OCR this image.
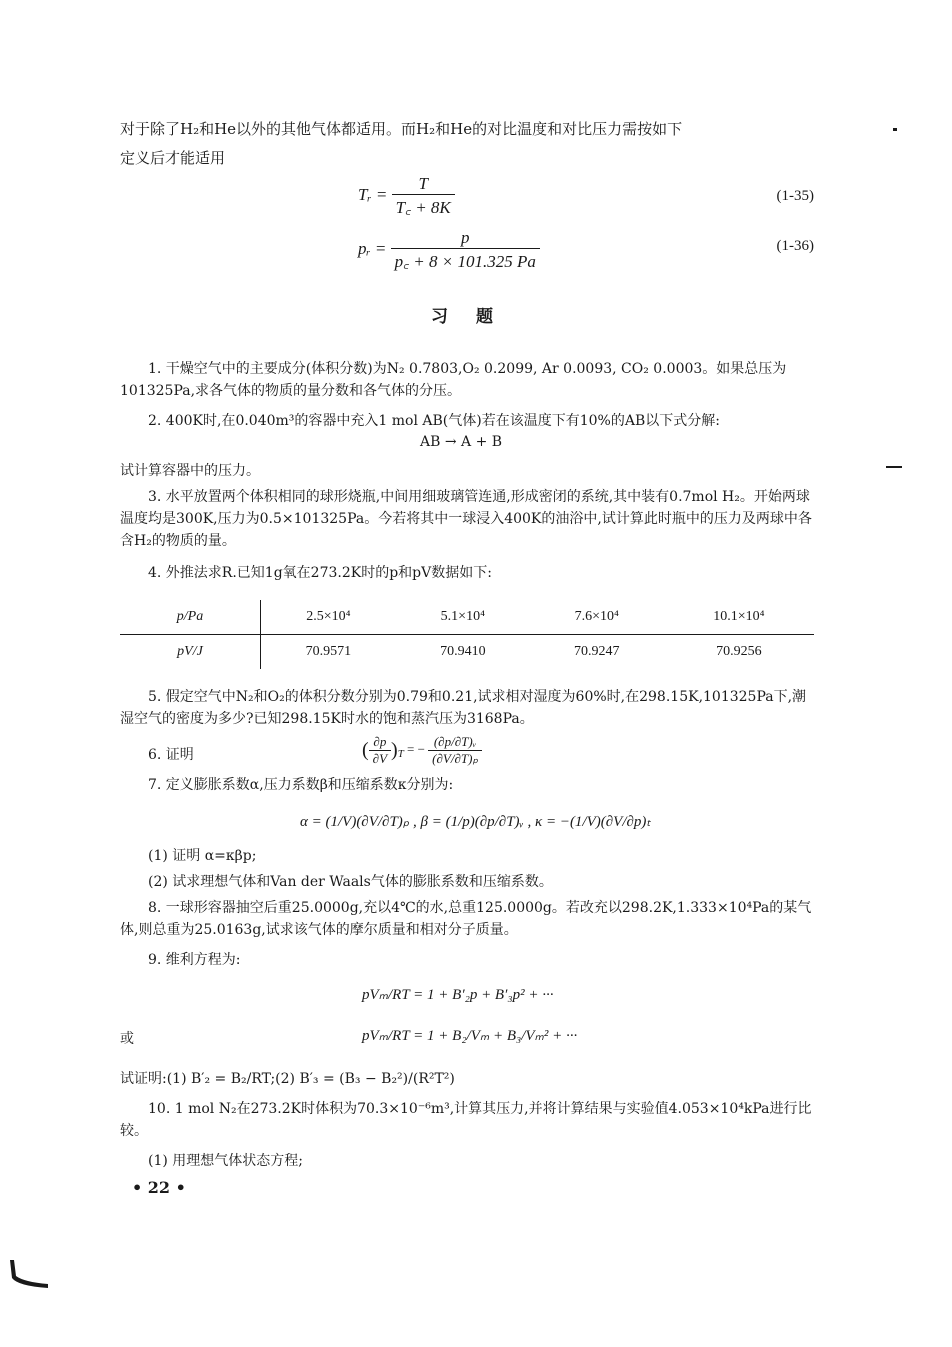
对于除了H₂和He以外的其他气体都适用。而H₂和He的对比温度和对比压力需按如下
定义后才能适用
Tᵣ = $\frac{T}{T꜀ + 8K}$	(1-35)
pᵣ = $\frac{p}{p꜀ + 8 \times 101.325 Pa}$	(1-36)
习题
1. 干燥空气中的主要成分(体积分数)为N₂ 0.7803,O₂ 0.2099, Ar 0.0093, CO₂ 0.0003。如果总压为101325Pa,求各气体的物质的量分数和各气体的分压。
2. 400K时,在0.040m³的容器中充入1 mol AB(气体)若在该温度下有10%的AB以下式分解:
AB → A + B
试计算容器中的压力。
3. 水平放置两个体积相同的球形烧瓶,中间用细玻璃管连通,形成密闭的系统,其中装有0.7mol H₂。开始两球温度均是300K,压力为0.5×101325Pa。今若将其中一球浸入400K的油浴中,试计算此时瓶中的压力及两球中各含H₂的物质的量。
4. 外推法求R.已知1g氧在273.2K时的p和pV数据如下:
p/Pa	2.5×10⁴	5.1×10⁴	7.6×10⁴	10.1×10⁴
pV/J	70.9571	70.9410	70.9247	70.9256
5. 假定空气中N₂和O₂的体积分数分别为0.79和0.21,试求相对湿度为60%时,在298.15K,101325Pa下,潮湿空气的密度为多少?已知298.15K时水的饱和蒸汽压为3168Pa。
6. 证明	( $\frac{\partial p}{\partial V} )_T$ = − $\frac{\text{(∂p/∂T)ᵥ}}{\text{(∂V/∂T)ₚ}}$
7. 定义膨胀系数α,压力系数β和压缩系数κ分别为:
α = (1/V)(∂V/∂T)ₚ , β = (1/p)(∂p/∂T)ᵥ , κ = −(1/V)(∂V/∂p)ₜ
(1) 证明 α=κβp;
(2) 试求理想气体和Van der Waals气体的膨胀系数和压缩系数。
8. 一球形容器抽空后重25.0000g,充以4℃的水,总重125.0000g。若改充以298.2K,1.333×10⁴Pa的某气体,则总重为25.0163g,试求该气体的摩尔质量和相对分子质量。
9. 维利方程为:
pVₘ/RT = 1 + B′₂p + B′₃p² + ···
或	pVₘ/RT = 1 + B₂/Vₘ + B₃/Vₘ² + ···
试证明:(1) B′₂ = B₂/RT;(2) B′₃ = (B₃ − B₂²)/(R²T²)
10. 1 mol N₂在273.2K时体积为70.3×10⁻⁶m³,计算其压力,并将计算结果与实验值4.053×10⁴kPa进行比较。
(1) 用理想气体状态方程;
• 22 •
